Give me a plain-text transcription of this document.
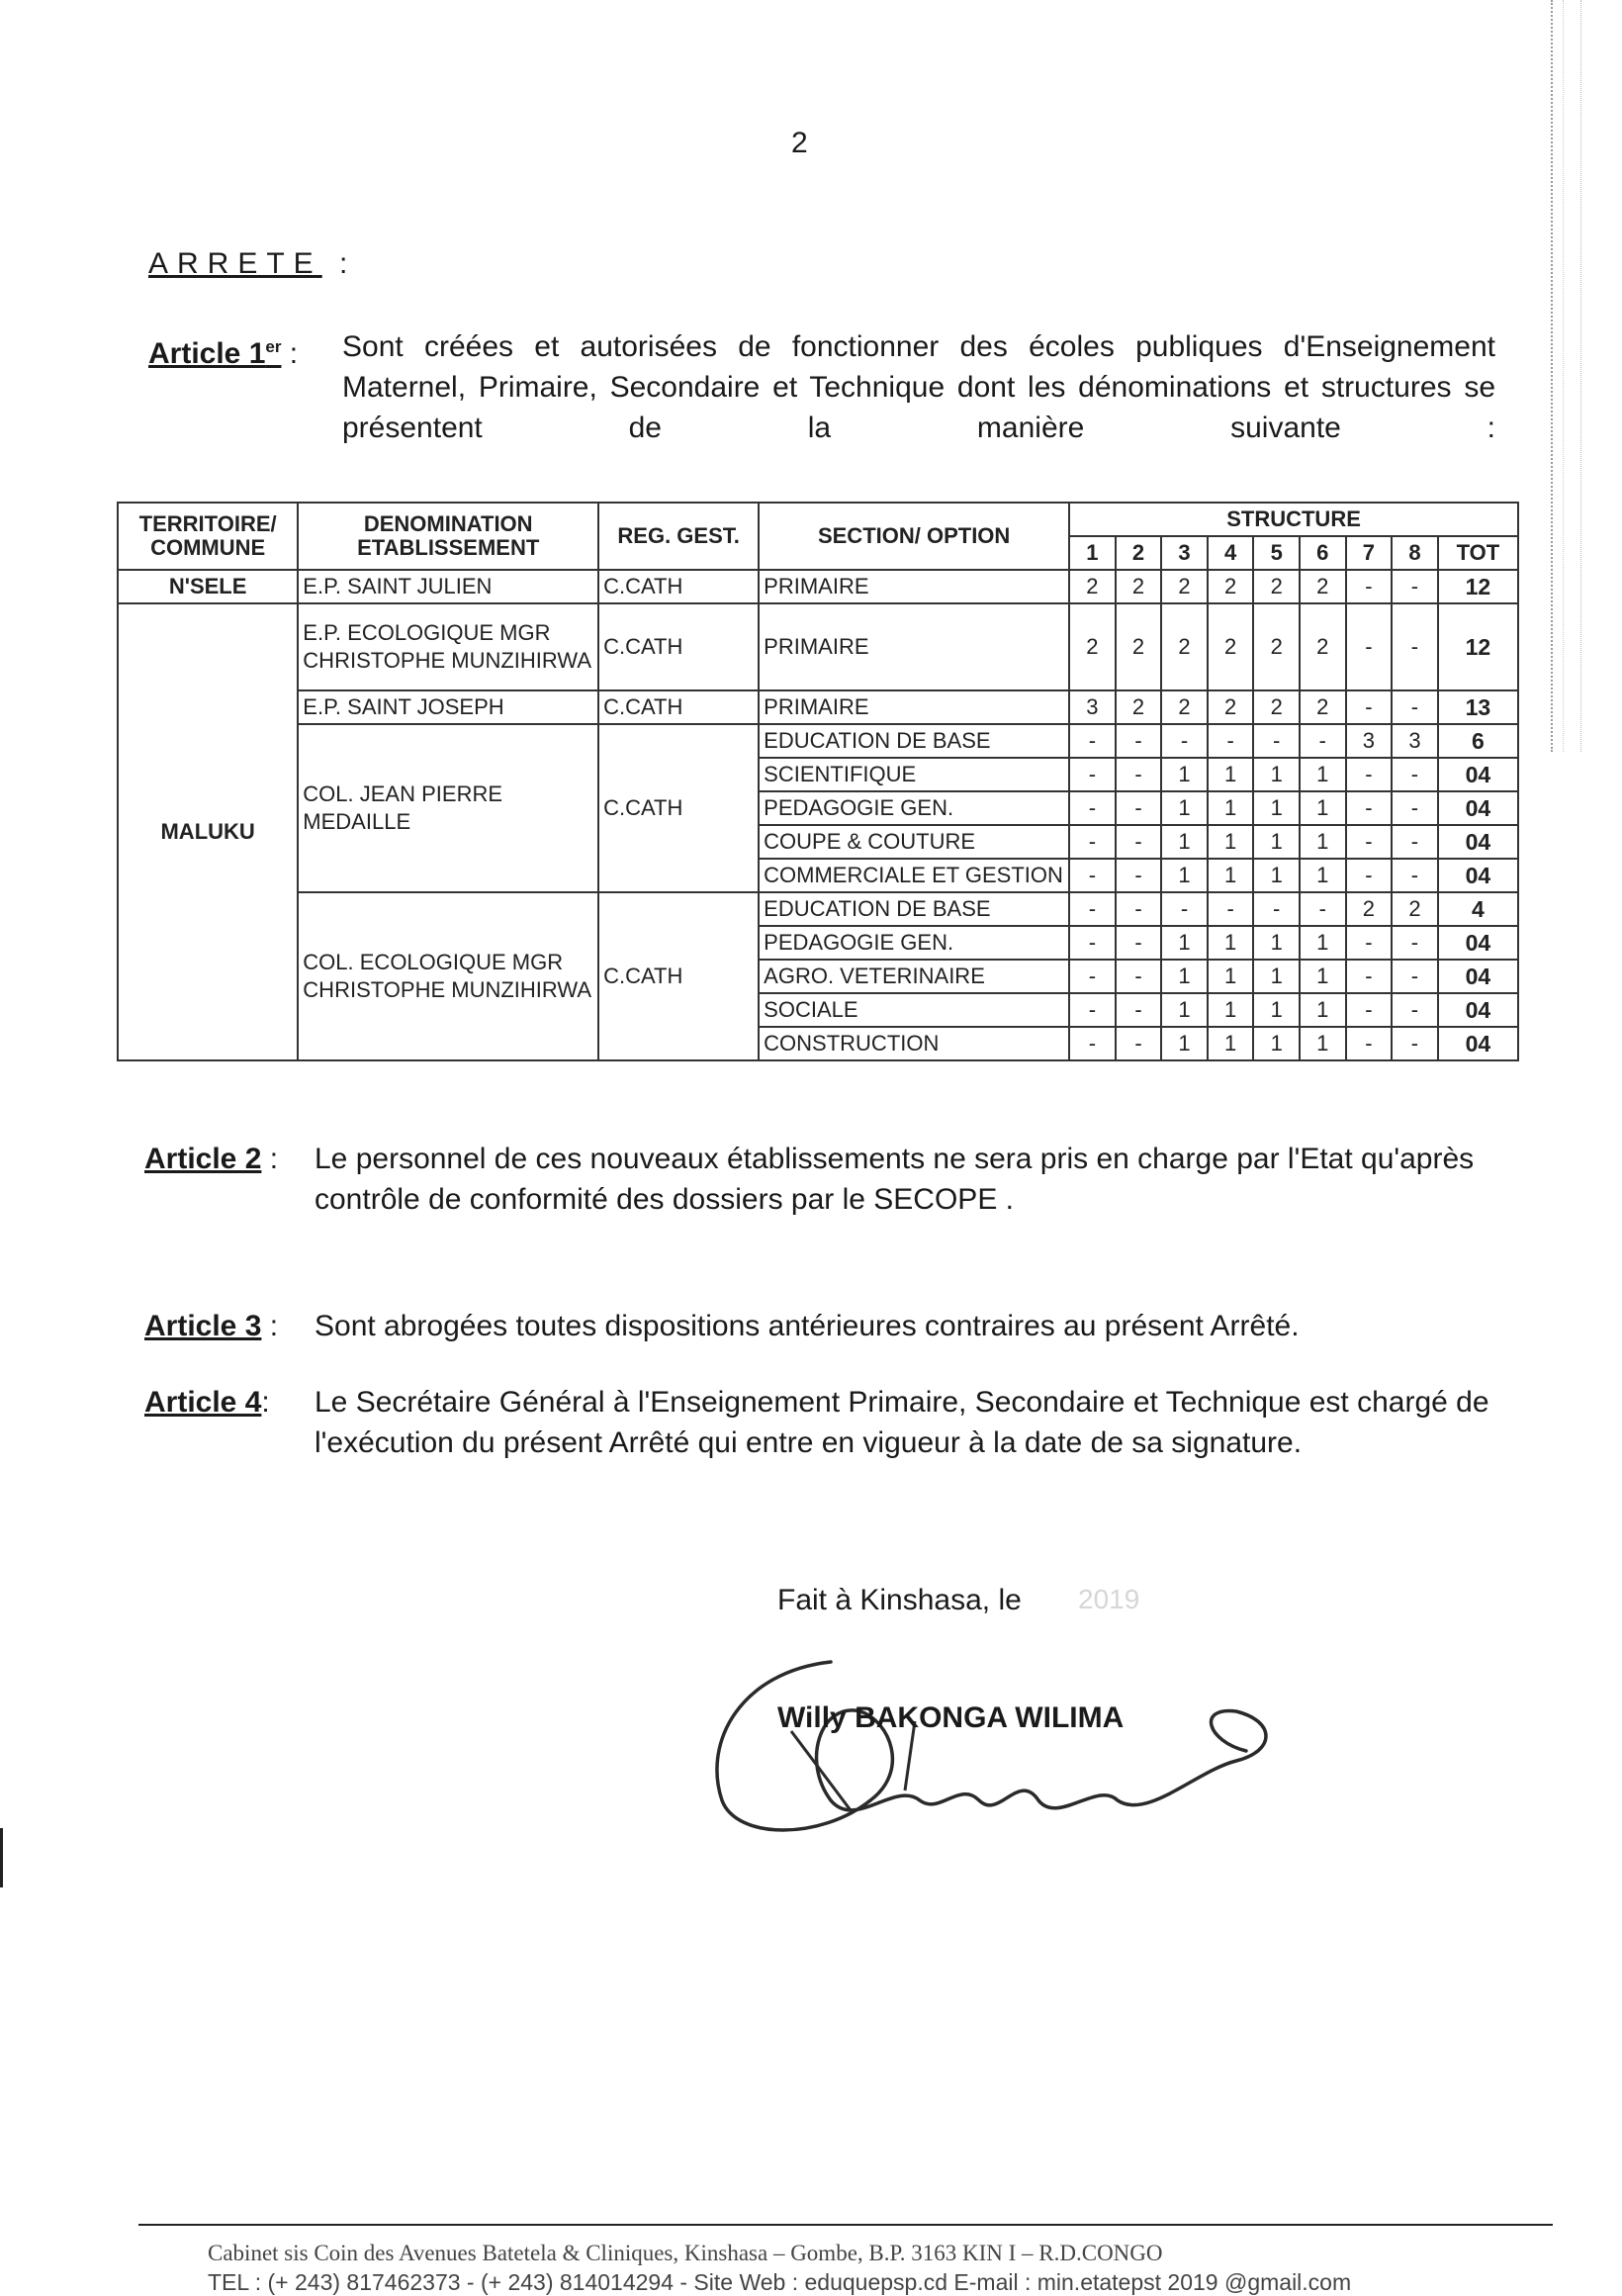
2
ARRETE :
Article 1er : Sont créées et autorisées de fonctionner des écoles publiques d'Enseignement Maternel, Primaire, Secondaire et Technique dont les dénominations et structures se présentent de la manière suivante :
TERRITOIRE/ COMMUNE	DENOMINATION ETABLISSEMENT	REG. GEST.	SECTION/ OPTION	STRUCTURE								
				1	2	3	4	5	6	7	8	TOT
N'SELE	E.P. SAINT JULIEN	C.CATH	PRIMAIRE	2	2	2	2	2	2	-	-	12
MALUKU	E.P. ECOLOGIQUE MGR CHRISTOPHE MUNZIHIRWA	C.CATH	PRIMAIRE	2	2	2	2	2	2	-	-	12
	E.P. SAINT JOSEPH	C.CATH	PRIMAIRE	3	2	2	2	2	2	-	-	13
	COL. JEAN PIERRE MEDAILLE	C.CATH	EDUCATION DE BASE	-	-	-	-	-	-	3	3	6
			SCIENTIFIQUE	-	-	1	1	1	1	-	-	04
			PEDAGOGIE GEN.	-	-	1	1	1	1	-	-	04
			COUPE & COUTURE	-	-	1	1	1	1	-	-	04
			COMMERCIALE ET GESTION	-	-	1	1	1	1	-	-	04
	COL. ECOLOGIQUE MGR CHRISTOPHE MUNZIHIRWA	C.CATH	EDUCATION DE BASE	-	-	-	-	-	-	2	2	4
			PEDAGOGIE GEN.	-	-	1	1	1	1	-	-	04
			AGRO. VETERINAIRE	-	-	1	1	1	1	-	-	04
			SOCIALE	-	-	1	1	1	1	-	-	04
			CONSTRUCTION	-	-	1	1	1	1	-	-	04
Article 2 : Le personnel de ces nouveaux établissements ne sera pris en charge par l'Etat qu'après contrôle de conformité des dossiers par le SECOPE .
Article 3 : Sont abrogées toutes dispositions antérieures contraires au présent Arrêté.
Article 4: Le Secrétaire Général à l'Enseignement Primaire, Secondaire et Technique est chargé de l'exécution du présent Arrêté qui entre en vigueur à la date de sa signature.
Fait à Kinshasa, le 2019
Willy BAKONGA WILIMA
Cabinet sis Coin des Avenues Batetela & Cliniques, Kinshasa – Gombe, B.P. 3163 KIN I – R.D.CONGO
TEL : (+ 243) 817462373 - (+ 243) 814014294 - Site Web : eduquepsp.cd E-mail : min.etatepst 2019 @gmail.com
